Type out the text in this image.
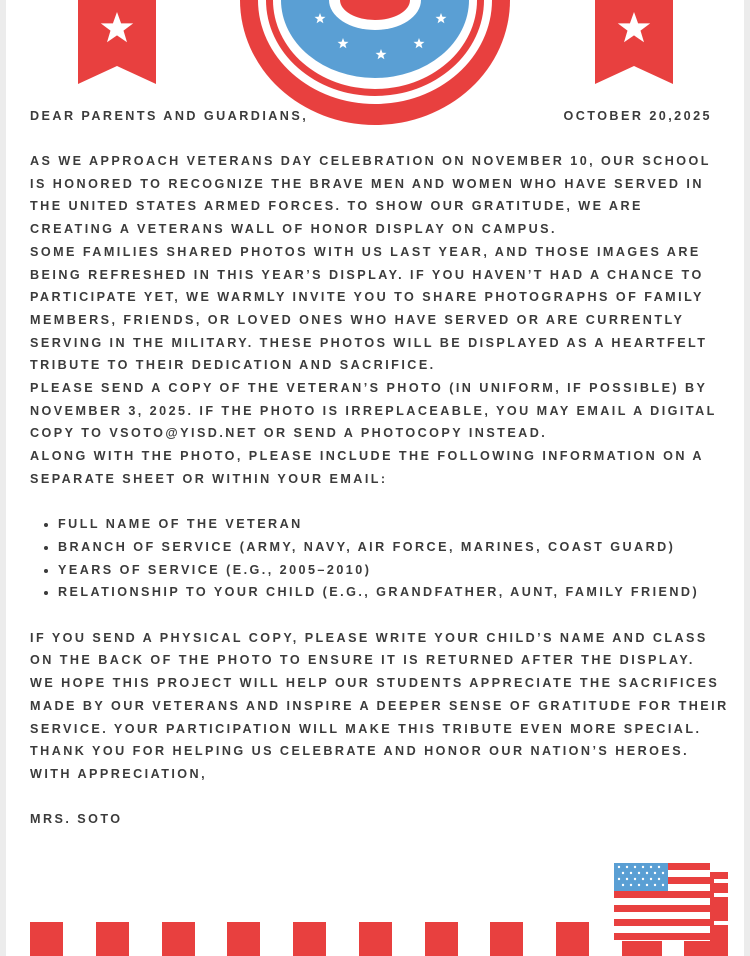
DEAR PARENTS AND GUARDIANS,	OCTOBER 20,2025

AS WE APPROACH VETERANS DAY CELEBRATION ON NOVEMBER 10, OUR SCHOOL IS HONORED TO RECOGNIZE THE BRAVE MEN AND WOMEN WHO HAVE SERVED IN THE UNITED STATES ARMED FORCES. TO SHOW OUR GRATITUDE, WE ARE CREATING A VETERANS WALL OF HONOR DISPLAY ON CAMPUS.

SOME FAMILIES SHARED PHOTOS WITH US LAST YEAR, AND THOSE IMAGES ARE BEING REFRESHED IN THIS YEAR’S DISPLAY. IF YOU HAVEN’T HAD A CHANCE TO PARTICIPATE YET, WE WARMLY INVITE YOU TO SHARE PHOTOGRAPHS OF FAMILY MEMBERS, FRIENDS, OR LOVED ONES WHO HAVE SERVED OR ARE CURRENTLY SERVING IN THE MILITARY. THESE PHOTOS WILL BE DISPLAYED AS A HEARTFELT TRIBUTE TO THEIR DEDICATION AND SACRIFICE.

PLEASE SEND A COPY OF THE VETERAN’S PHOTO (IN UNIFORM, IF POSSIBLE) BY NOVEMBER 3, 2025. IF THE PHOTO IS IRREPLACEABLE, YOU MAY EMAIL A DIGITAL COPY TO VSOTO@YISD.NET OR SEND A PHOTOCOPY INSTEAD.

ALONG WITH THE PHOTO, PLEASE INCLUDE THE FOLLOWING INFORMATION ON A SEPARATE SHEET OR WITHIN YOUR EMAIL:

• FULL NAME OF THE VETERAN
• BRANCH OF SERVICE (ARMY, NAVY, AIR FORCE, MARINES, COAST GUARD)
• YEARS OF SERVICE (E.G., 2005–2010)
• RELATIONSHIP TO YOUR CHILD (E.G., GRANDFATHER, AUNT, FAMILY FRIEND)

IF YOU SEND A PHYSICAL COPY, PLEASE WRITE YOUR CHILD’S NAME AND CLASS ON THE BACK OF THE PHOTO TO ENSURE IT IS RETURNED AFTER THE DISPLAY.

WE HOPE THIS PROJECT WILL HELP OUR STUDENTS APPRECIATE THE SACRIFICES MADE BY OUR VETERANS AND INSPIRE A DEEPER SENSE OF GRATITUDE FOR THEIR SERVICE. YOUR PARTICIPATION WILL MAKE THIS TRIBUTE EVEN MORE SPECIAL.

THANK YOU FOR HELPING US CELEBRATE AND HONOR OUR NATION’S HEROES.

WITH APPRECIATION,

MRS. SOTO
